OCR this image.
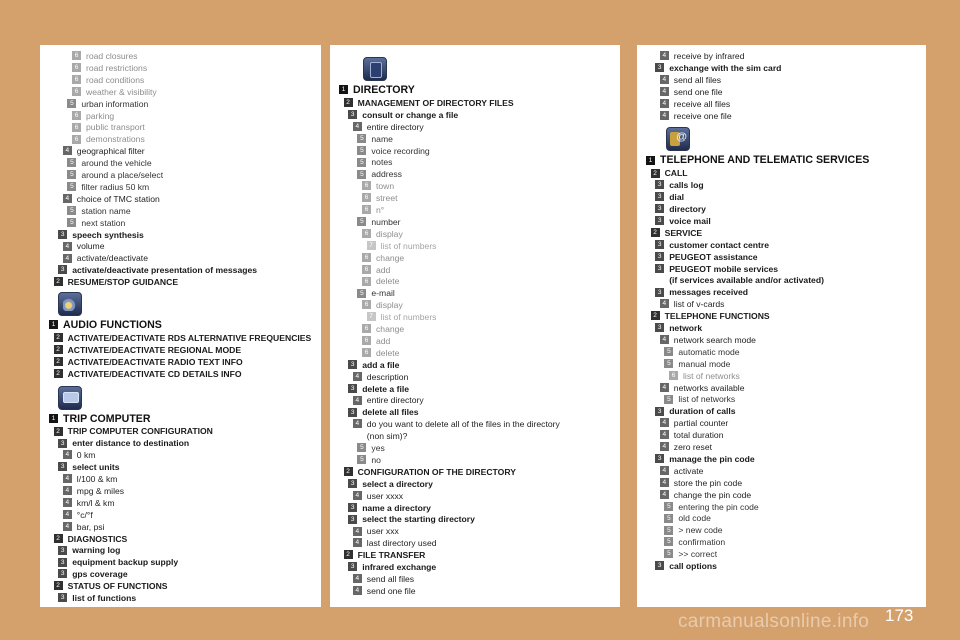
6 road closures
6 road restrictions
6 road conditions
6 weather & visibility
5 urban information
6 parking
6 public transport
6 demonstrations
4 geographical filter
5 around the vehicle
5 around a place/select
5 filter radius 50 km
4 choice of TMC station
5 station name
5 next station
3 speech synthesis
4 volume
4 activate/deactivate
3 activate/deactivate presentation of messages
2 RESUME/STOP GUIDANCE
1 AUDIO FUNCTIONS
2 ACTIVATE/DEACTIVATE RDS ALTERNATIVE FREQUENCIES
2 ACTIVATE/DEACTIVATE REGIONAL MODE
2 ACTIVATE/DEACTIVATE RADIO TEXT INFO
2 ACTIVATE/DEACTIVATE CD DETAILS INFO
1 TRIP COMPUTER
2 TRIP COMPUTER CONFIGURATION
3 enter distance to destination
4 0 km
3 select units
4 l/100 & km
4 mpg & miles
4 km/l & km
4 °c/°f
4 bar, psi
2 DIAGNOSTICS
3 warning log
3 equipment backup supply
3 gps coverage
2 STATUS OF FUNCTIONS
3 list of functions
1 DIRECTORY
2 MANAGEMENT OF DIRECTORY FILES
3 consult or change a file
4 entire directory
5 name
5 voice recording
5 notes
5 address
6 town
6 street
6 n°
5 number
6 display
7 list of numbers
6 change
6 add
6 delete
5 e-mail
6 display
7 list of numbers
6 change
6 add
6 delete
3 add a file
4 description
3 delete a file
4 entire directory
3 delete all files
4 do you want to delete all of the files in the directory
(non sim)?
5 yes
5 no
2 CONFIGURATION OF THE DIRECTORY
3 select a directory
4 user xxxx
3 name a directory
3 select the starting directory
4 user xxx
4 last directory used
2 FILE TRANSFER
3 infrared exchange
4 send all files
4 send one file
4 receive by infrared
3 exchange with the sim card
4 send all files
4 send one file
4 receive all files
4 receive one file
@
1 TELEPHONE AND TELEMATIC SERVICES
2 CALL
3 calls log
3 dial
3 directory
3 voice mail
2 SERVICE
3 customer contact centre
3 PEUGEOT assistance
3 PEUGEOT mobile services
(if services available and/or activated)
3 messages received
4 list of v-cards
2 TELEPHONE FUNCTIONS
3 network
4 network search mode
5 automatic mode
5 manual mode
6 list of networks
4 networks available
5 list of networks
3 duration of calls
4 partial counter
4 total duration
4 zero reset
3 manage the pin code
4 activate
4 store the pin code
4 change the pin code
5 entering the pin code
5 old code
5 > new code
5 confirmation
5 >> correct
3 call options
carmanualsonline.info 173
